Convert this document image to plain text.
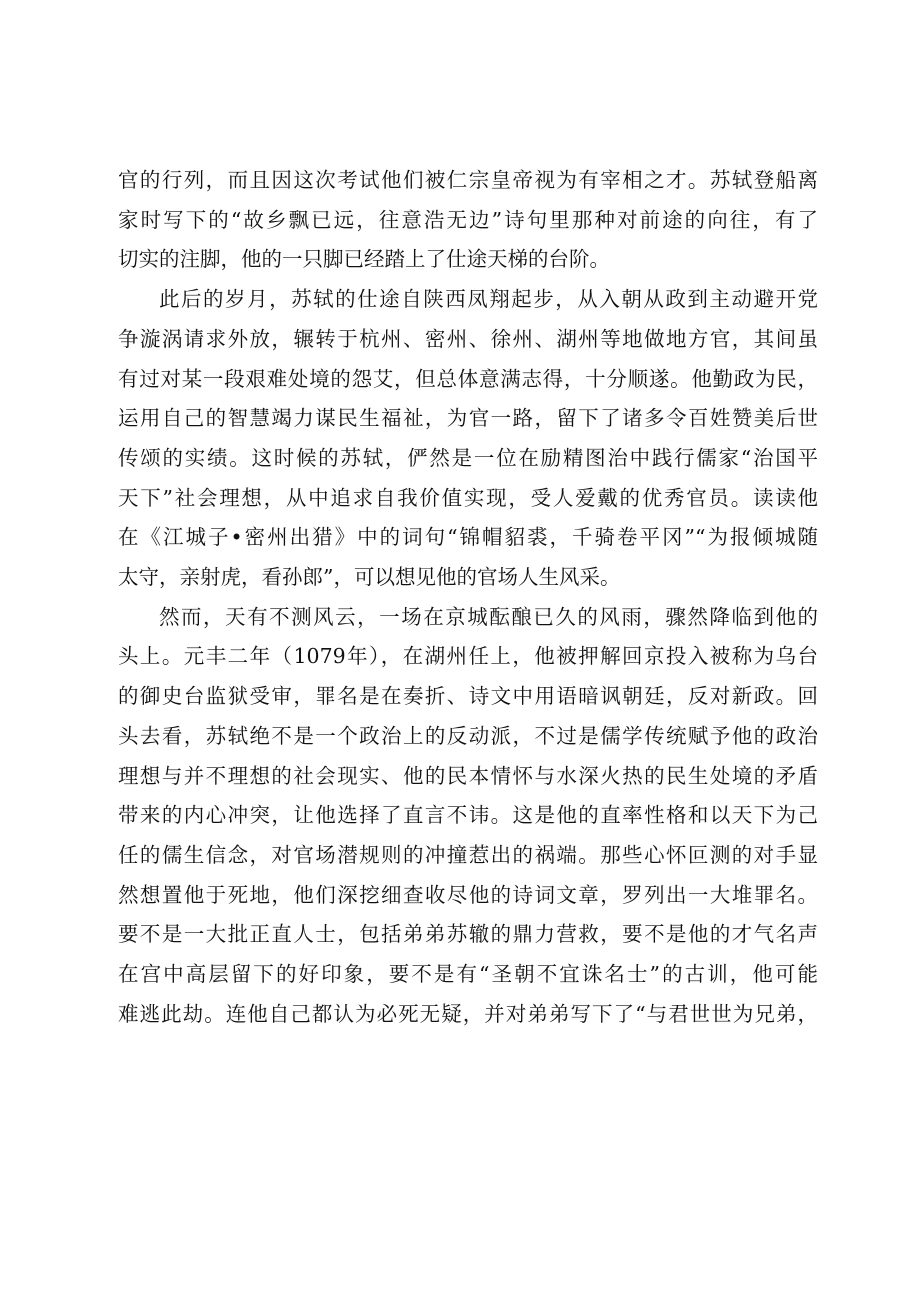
官的行列，而且因这次考试他们被仁宗皇帝视为有宰相之才。苏轼登船离
家时写下的“故乡飘已远，往意浩无边”诗句里那种对前途的向往，有了
切实的注脚，他的一只脚已经踏上了仕途天梯的台阶。

此后的岁月，苏轼的仕途自陕西凤翔起步，从入朝从政到主动避开党
争漩涡请求外放，辗转于杭州、密州、徐州、湖州等地做地方官，其间虽
有过对某一段艰难处境的怨艾，但总体意满志得，十分顺遂。他勤政为民，
运用自己的智慧竭力谋民生福祉，为官一路，留下了诸多令百姓赞美后世
传颂的实绩。这时候的苏轼，俨然是一位在励精图治中践行儒家“治国平
天下”社会理想，从中追求自我价值实现，受人爱戴的优秀官员。读读他
在《江城子•密州出猎》中的词句“锦帽貂裘，千骑卷平冈”“为报倾城随
太守，亲射虎，看孙郎”，可以想见他的官场人生风采。

然而，天有不测风云，一场在京城酝酿已久的风雨，骤然降临到他的
头上。元丰二年（1079年），在湖州任上，他被押解回京投入被称为乌台
的御史台监狱受审，罪名是在奏折、诗文中用语暗讽朝廷，反对新政。回
头去看，苏轼绝不是一个政治上的反动派，不过是儒学传统赋予他的政治
理想与并不理想的社会现实、他的民本情怀与水深火热的民生处境的矛盾
带来的内心冲突，让他选择了直言不讳。这是他的直率性格和以天下为己
任的儒生信念，对官场潜规则的冲撞惹出的祸端。那些心怀叵测的对手显
然想置他于死地，他们深挖细查收尽他的诗词文章，罗列出一大堆罪名。
要不是一大批正直人士，包括弟弟苏辙的鼎力营救，要不是他的才气名声
在宫中高层留下的好印象，要不是有“圣朝不宜诛名士”的古训，他可能
难逃此劫。连他自己都认为必死无疑，并对弟弟写下了“与君世世为兄弟，
